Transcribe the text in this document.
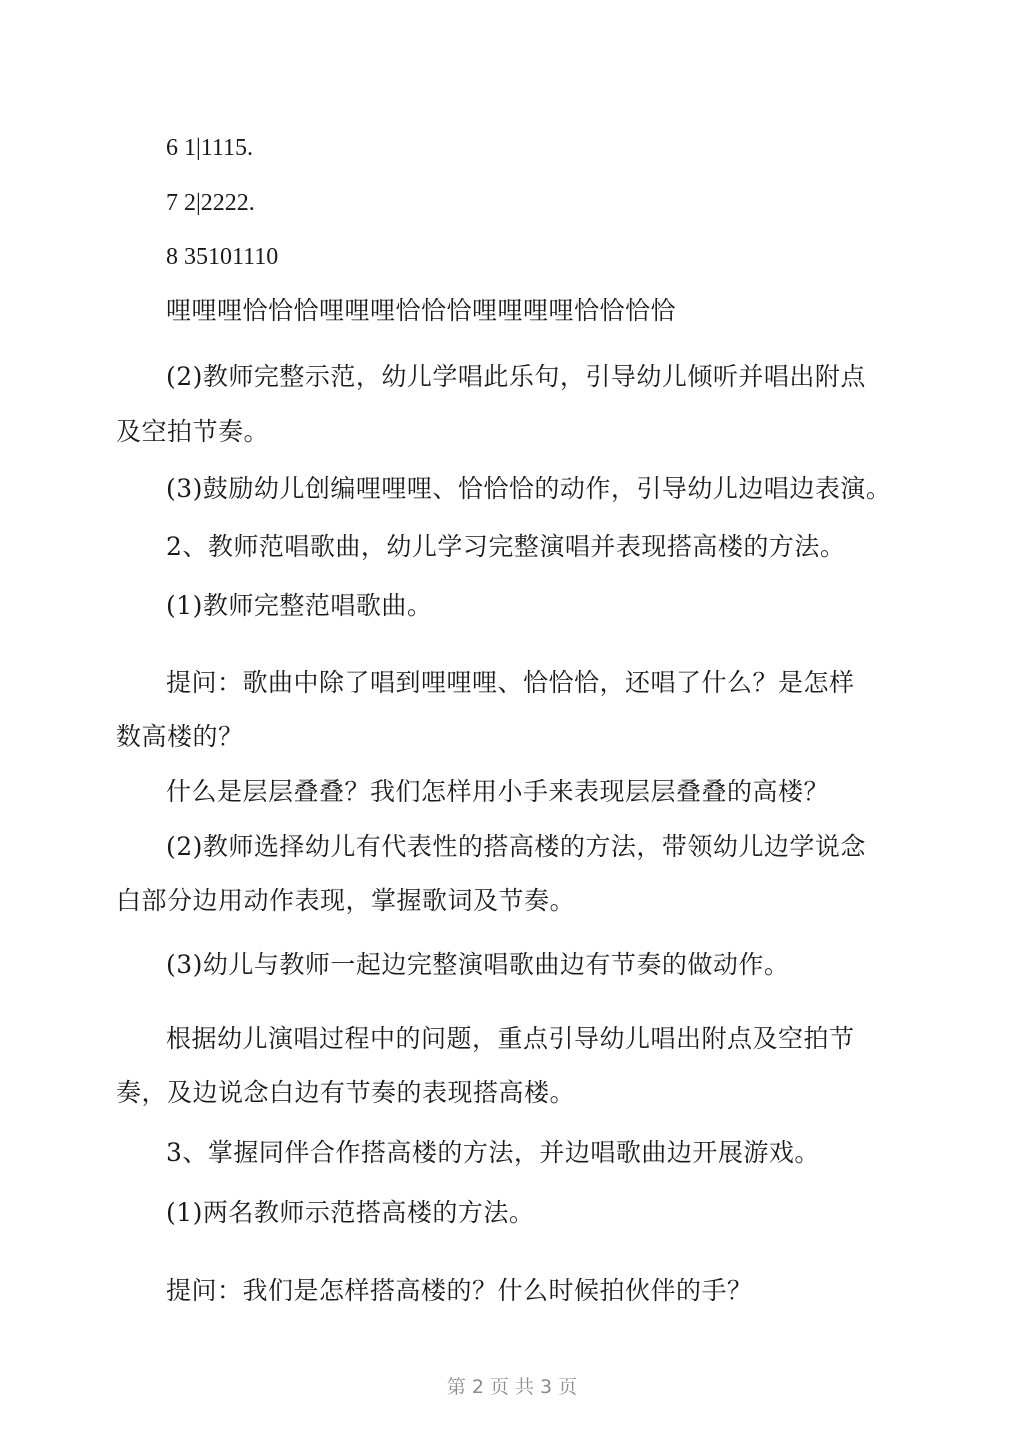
6 1|1115.
7 2|2222.
8 35101110
哩哩哩恰恰恰哩哩哩恰恰恰哩哩哩哩恰恰恰恰
(2)教师完整示范，幼儿学唱此乐句，引导幼儿倾听并唱出附点
及空拍节奏。
(3)鼓励幼儿创编哩哩哩、恰恰恰的动作，引导幼儿边唱边表演。
2、教师范唱歌曲，幼儿学习完整演唱并表现搭高楼的方法。
(1)教师完整范唱歌曲。
提问：歌曲中除了唱到哩哩哩、恰恰恰，还唱了什么？是怎样
数高楼的？
什么是层层叠叠？我们怎样用小手来表现层层叠叠的高楼？
(2)教师选择幼儿有代表性的搭高楼的方法，带领幼儿边学说念
白部分边用动作表现，掌握歌词及节奏。
(3)幼儿与教师一起边完整演唱歌曲边有节奏的做动作。
根据幼儿演唱过程中的问题，重点引导幼儿唱出附点及空拍节
奏，及边说念白边有节奏的表现搭高楼。
3、掌握同伴合作搭高楼的方法，并边唱歌曲边开展游戏。
(1)两名教师示范搭高楼的方法。
提问：我们是怎样搭高楼的？什么时候拍伙伴的手？
第 2 页 共 3 页
